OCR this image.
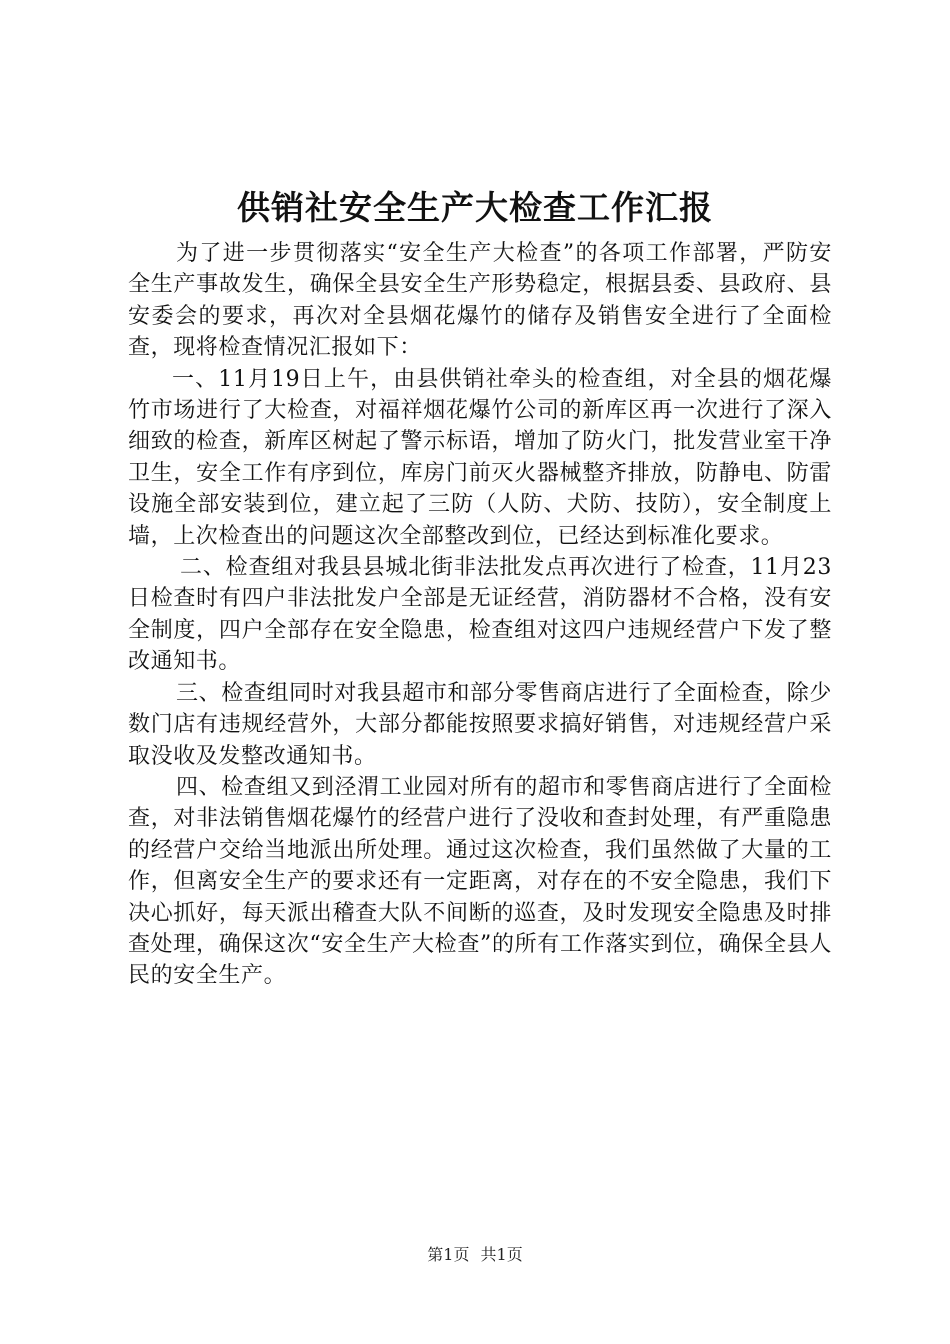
供销社安全生产大检查工作汇报

为了进一步贯彻落实“安全生产大检查”的各项工作部署，严防安全生产事故发生，确保全县安全生产形势稳定，根据县委、县政府、县安委会的要求，再次对全县烟花爆竹的储存及销售安全进行了全面检查，现将检查情况汇报如下：

一、11月19日上午，由县供销社牵头的检查组，对全县的烟花爆竹市场进行了大检查，对福祥烟花爆竹公司的新库区再一次进行了深入细致的检查，新库区树起了警示标语，增加了防火门，批发营业室干净卫生，安全工作有序到位，库房门前灭火器械整齐排放，防静电、防雷设施全部安装到位，建立起了三防（人防、犬防、技防），安全制度上墙，上次检查出的问题这次全部整改到位，已经达到标准化要求。

二、检查组对我县县城北街非法批发点再次进行了检查，11月23日检查时有四户非法批发户全部是无证经营，消防器材不合格，没有安全制度，四户全部存在安全隐患，检查组对这四户违规经营户下发了整改通知书。

三、检查组同时对我县超市和部分零售商店进行了全面检查，除少数门店有违规经营外，大部分都能按照要求搞好销售，对违规经营户采取没收及发整改通知书。

四、检查组又到泾渭工业园对所有的超市和零售商店进行了全面检查，对非法销售烟花爆竹的经营户进行了没收和查封处理，有严重隐患的经营户交给当地派出所处理。通过这次检查，我们虽然做了大量的工作，但离安全生产的要求还有一定距离，对存在的不安全隐患，我们下决心抓好，每天派出稽查大队不间断的巡查，及时发现安全隐患及时排查处理，确保这次“安全生产大检查”的所有工作落实到位，确保全县人民的安全生产。

第1页 共1页
